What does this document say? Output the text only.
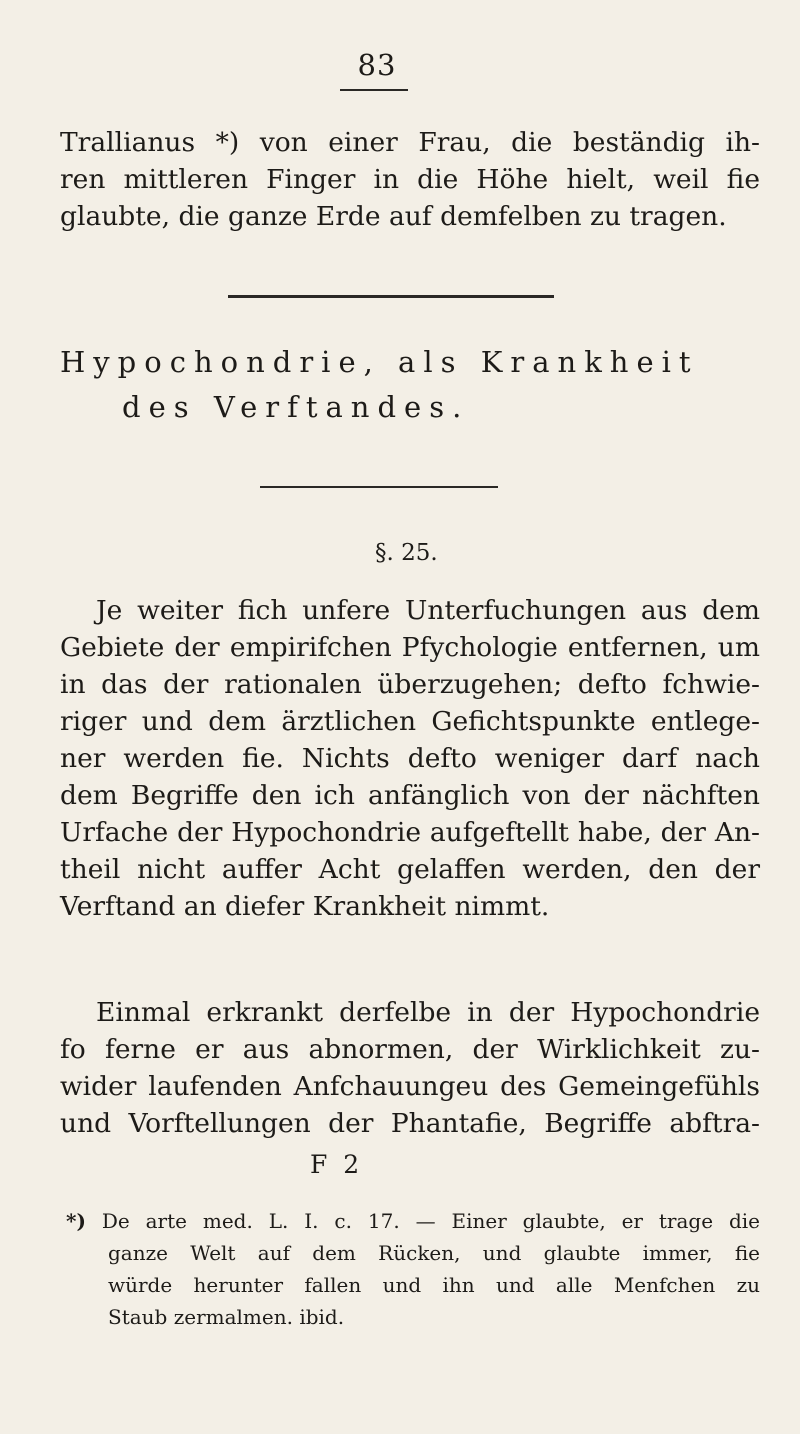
83
Trallianus *) von einer Frau, die beständig ih-
ren mittleren Finger in die Höhe hielt, weil fie
glaubte, die ganze Erde auf demfelben zu tragen.
Hypochondrie, als Krankheit
des Verftandes.
§. 25.
Je weiter fich unfere Unterfuchungen aus dem
Gebiete der empirifchen Pfychologie entfernen, um
in das der rationalen überzugehen; defto fchwie-
riger und dem ärztlichen Gefichtspunkte entlege-
ner werden fie. Nichts defto weniger darf nach
dem Begriffe den ich anfänglich von der nächften
Urfache der Hypochondrie aufgeftellt habe, der An-
theil nicht auffer Acht gelaffen werden, den der
Verftand an diefer Krankheit nimmt.
Einmal erkrankt derfelbe in der Hypochondrie
fo ferne er aus abnormen, der Wirklichkeit zu-
wider laufenden Anfchauungeu des Gemeingefühls
und Vorftellungen der Phantafie, Begriffe abftra-
F 2
*) De arte med. L. I. c. 17. — Einer glaubte, er trage die
ganze Welt auf dem Rücken, und glaubte immer, fie
würde herunter fallen und ihn und alle Menfchen zu
Staub zermalmen. ibid.
